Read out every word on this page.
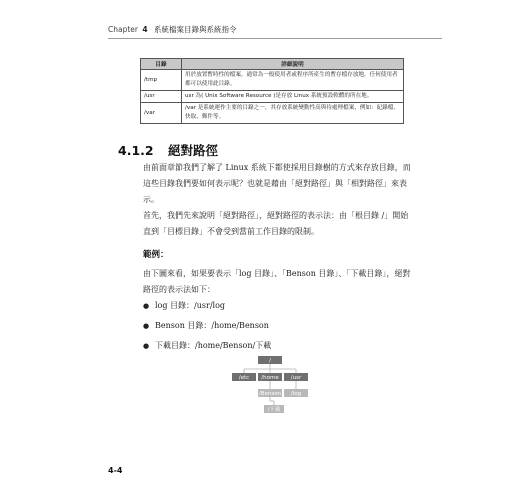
Chapter 4 系統檔案目錄與系統指令
目錄	詳細說明
/tmp	用於放置暫時性的檔案，通常為一般使用者或程序所產生的暫存檔存放地，任何使用者都可以使用此目錄。
/usr	usr 為( Unix Software Resource )是存放 Linux 系統預設軟體的所在地。
/var	/var 是系統運作主要的目錄之一，其存放系統變動性高與待處理檔案，例如：紀錄檔、快取、郵件等。
4.1.2 絕對路徑

由前面章節我們了解了 Linux 系統下都使採用目錄樹的方式來存放目錄，而這些目錄我們要如何表示呢？也就是藉由「絕對路徑」與「相對路徑」來表示。

首先，我們先來說明「絕對路徑」，絕對路徑的表示法：由「根目錄 /」開始直到「目標目錄」不會受到當前工作目錄的限制。

範例：

由下圖來看，如果要表示「log 目錄」、「Benson 目錄」、「下載目錄」，絕對路徑的表示法如下：

● log 目錄：/usr/log
● Benson 目錄：/home/Benson
● 下載目錄：/home/Benson/下載
/
/etc /home /usr
/Benson /log
/下載
4-4
